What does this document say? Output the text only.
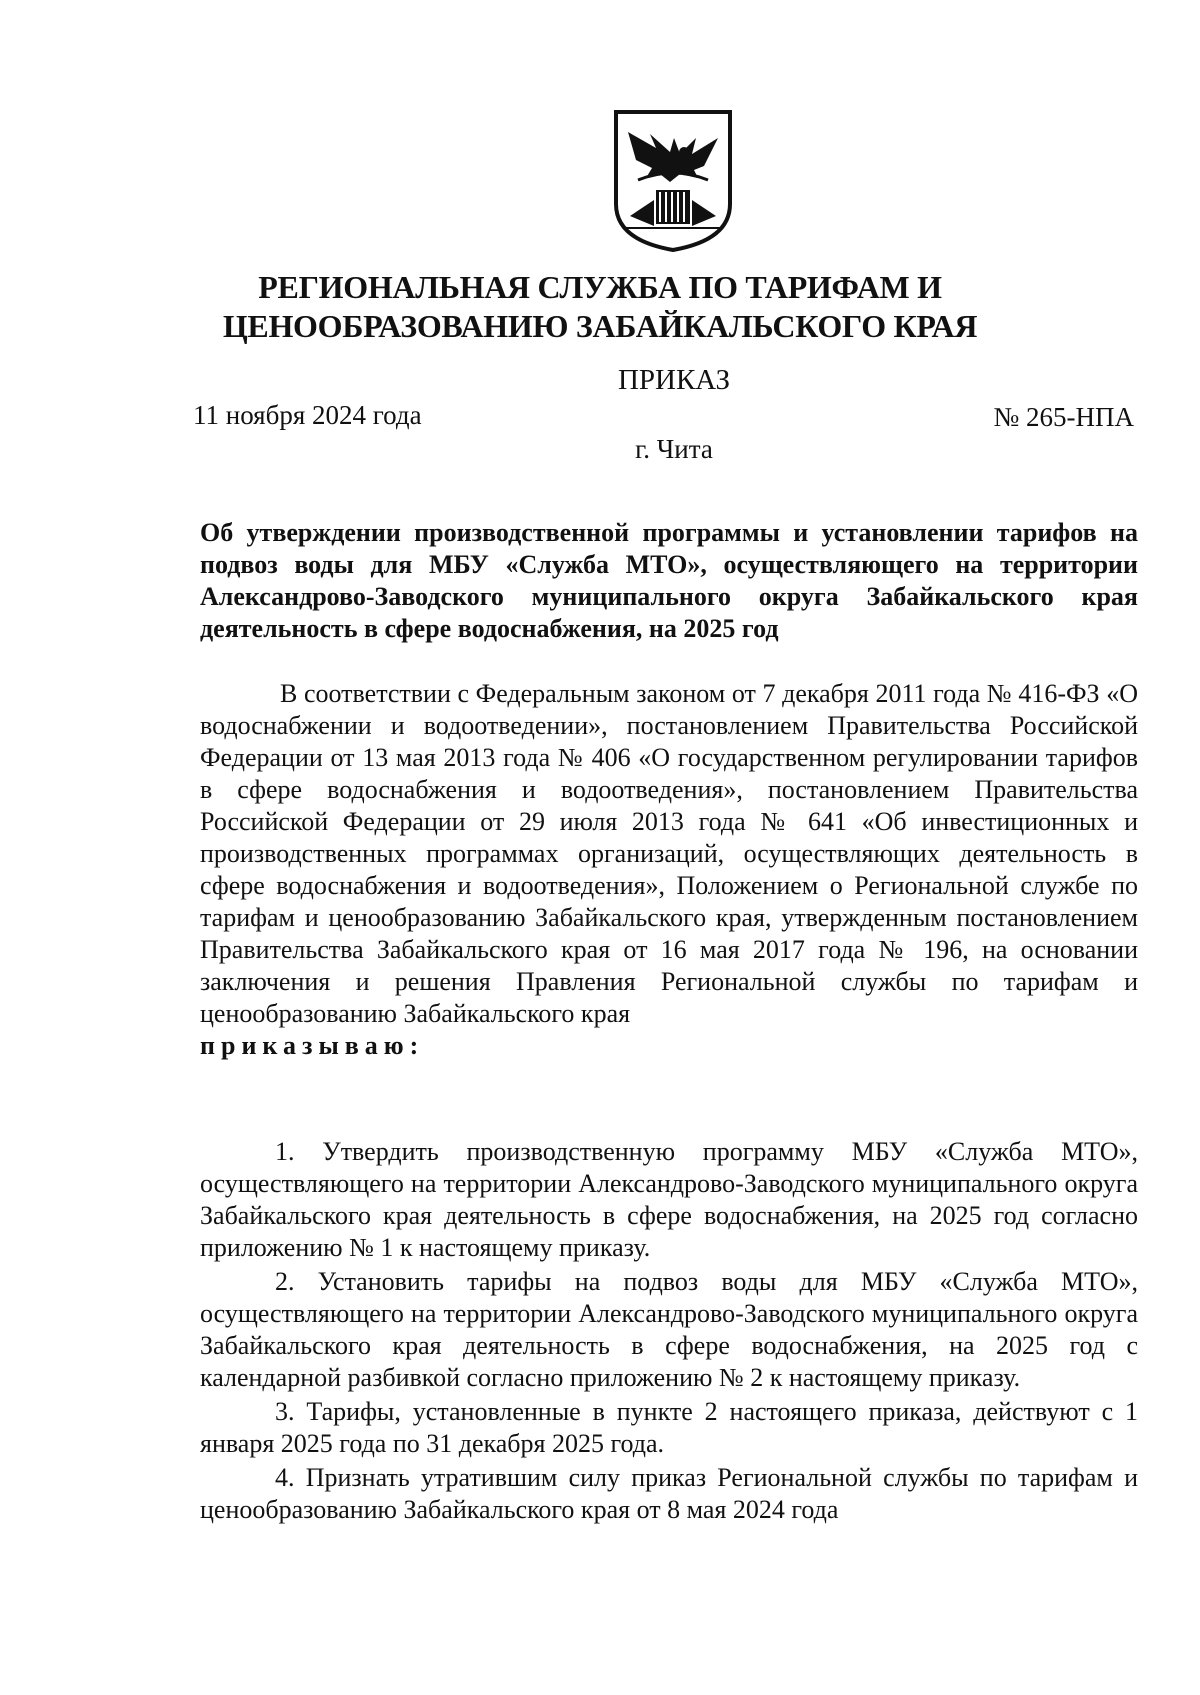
РЕГИОНАЛЬНАЯ СЛУЖБА ПО ТАРИФАМ И
ЦЕНООБРАЗОВАНИЮ ЗАБАЙКАЛЬСКОГО КРАЯ
ПРИКАЗ
11 ноября 2024 года	№ 265-НПА
г. Чита
Об утверждении производственной программы и установлении тарифов на подвоз воды для МБУ «Служба МТО», осуществляющего на территории Александрово-Заводского муниципального округа Забайкальского края деятельность в сфере водоснабжения, на 2025 год

В соответствии с Федеральным законом от 7 декабря 2011 года № 416-ФЗ «О водоснабжении и водоотведении», постановлением Правительства Российской Федерации от 13 мая 2013 года № 406 «О государственном регулировании тарифов в сфере водоснабжения и водоотведения», постановлением Правительства Российской Федерации от 29 июля 2013 года № 641 «Об инвестиционных и производственных программах организаций, осуществляющих деятельность в сфере водоснабжения и водоотведения», Положением о Региональной службе по тарифам и ценообразованию Забайкальского края, утвержденным постановлением Правительства Забайкальского края от 16 мая 2017 года № 196, на основании заключения и решения Правления Региональной службы по тарифам и ценообразованию Забайкальского края

приказываю:

1. Утвердить производственную программу МБУ «Служба МТО», осуществляющего на территории Александрово-Заводского муниципального округа Забайкальского края деятельность в сфере водоснабжения, на 2025 год согласно приложению № 1 к настоящему приказу.

2. Установить тарифы на подвоз воды для МБУ «Служба МТО», осуществляющего на территории Александрово-Заводского муниципального округа Забайкальского края деятельность в сфере водоснабжения, на 2025 год с календарной разбивкой согласно приложению № 2 к настоящему приказу.

3. Тарифы, установленные в пункте 2 настоящего приказа, действуют с 1 января 2025 года по 31 декабря 2025 года.

4. Признать утратившим силу приказ Региональной службы по тарифам и ценообразованию Забайкальского края от 8 мая 2024 года
